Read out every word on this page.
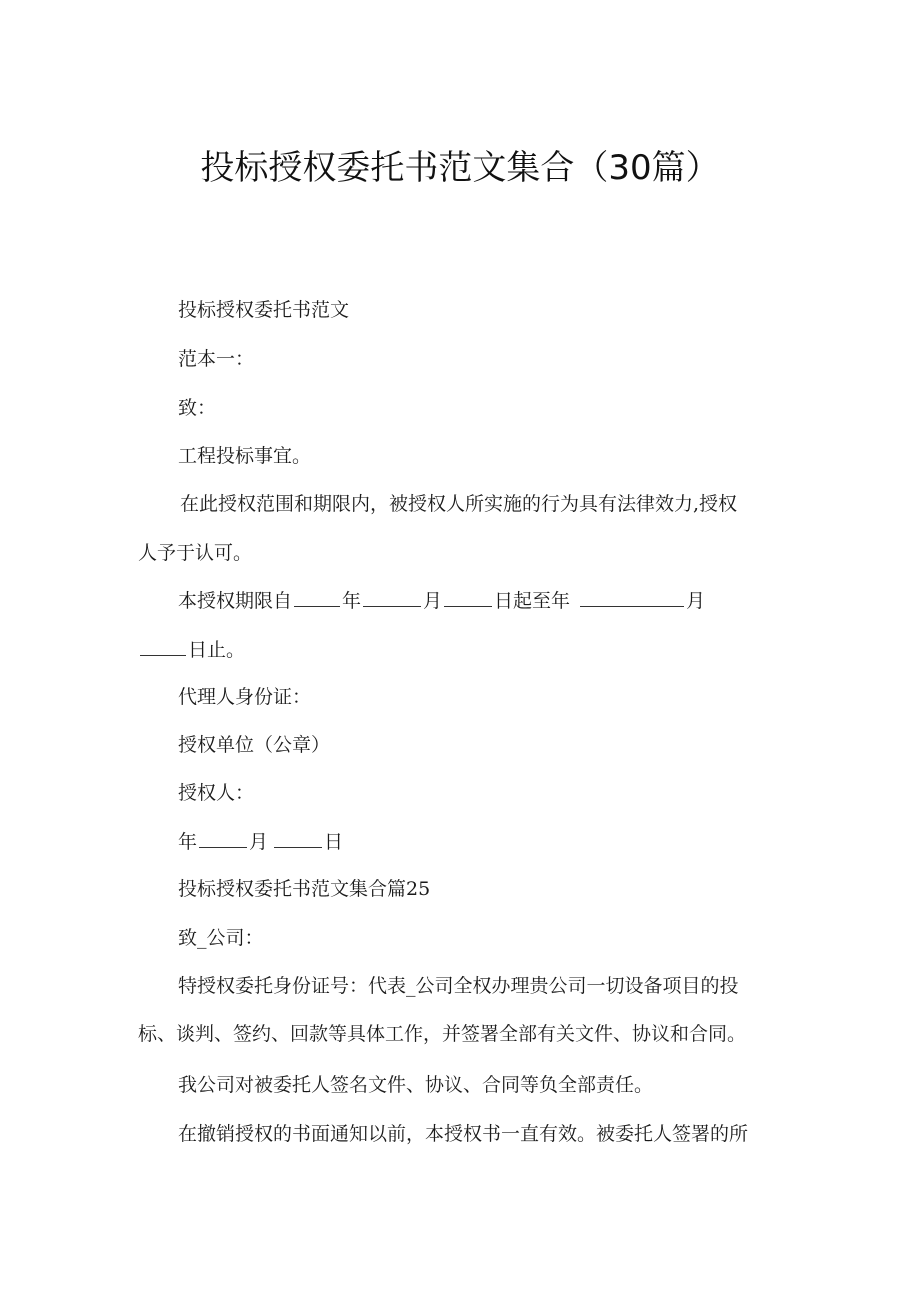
投标授权委托书范文集合（30篇）

投标授权委托书范文

范本一：

致：

工程投标事宜。

在此授权范围和期限内，被授权人所实施的行为具有法律效力,授权

人予于认可。

本授权期限自	年	月	日起至年	月

日止。

代理人身份证：

授权单位（公章）

授权人：

年	月	日

投标授权委托书范文集合篇25

致_公司：

特授权委托身份证号：代表_公司全权办理贵公司一切设备项目的投

标、谈判、签约、回款等具体工作，并签署全部有关文件、协议和合同。

我公司对被委托人签名文件、协议、合同等负全部责任。

在撤销授权的书面通知以前，本授权书一直有效。被委托人签署的所
